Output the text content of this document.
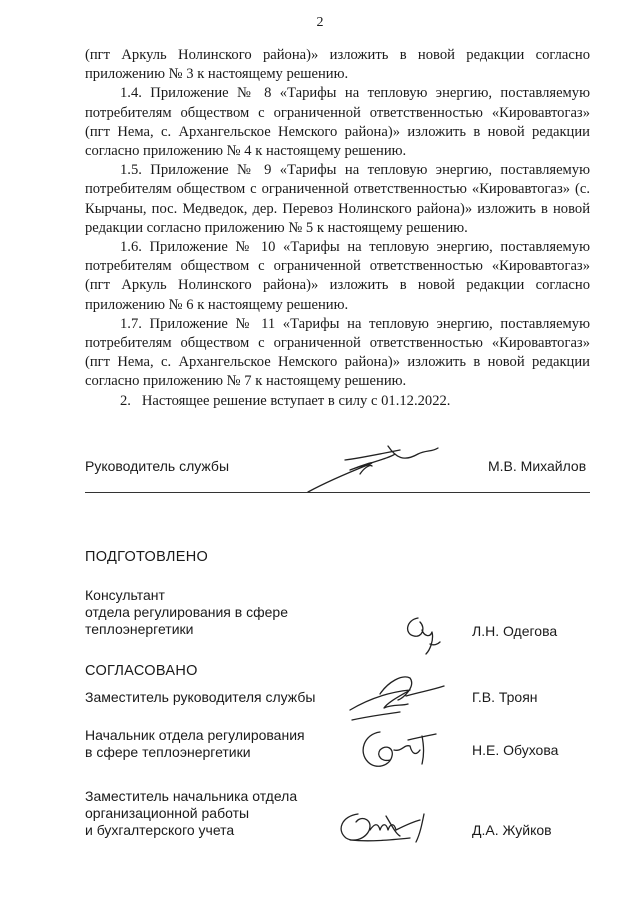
2

(пгт Аркуль Нолинского района)» изложить в новой редакции согласно приложению № 3 к настоящему решению.

1.4. Приложение № 8 «Тарифы на тепловую энергию, поставляемую потребителям обществом с ограниченной ответственностью «Кировавтогаз» (пгт Нема, с. Архангельское Немского района)» изложить в новой редакции согласно приложению № 4 к настоящему решению.

1.5. Приложение № 9 «Тарифы на тепловую энергию, поставляемую потребителям обществом с ограниченной ответственностью «Кировавтогаз» (с. Кырчаны, пос. Медведок, дер. Перевоз Нолинского района)» изложить в новой редакции согласно приложению № 5 к настоящему решению.

1.6. Приложение № 10 «Тарифы на тепловую энергию, поставляемую потребителям обществом с ограниченной ответственностью «Кировавтогаз» (пгт Аркуль Нолинского района)» изложить в новой редакции согласно приложению № 6 к настоящему решению.

1.7. Приложение № 11 «Тарифы на тепловую энергию, поставляемую потребителям обществом с ограниченной ответственностью «Кировавтогаз» (пгт Нема, с. Архангельское Немского района)» изложить в новой редакции согласно приложению № 7 к настоящему решению.

2.   Настоящее решение вступает в силу с 01.12.2022.

Руководитель службы	М.В. Михайлов
ПОДГОТОВЛЕНО
Консультант
отдела регулирования в сфере
теплоэнергетики	Л.Н. Одегова
СОГЛАСОВАНО
Заместитель руководителя службы	Г.В. Троян
Начальник отдела регулирования
в сфере теплоэнергетики	Н.Е. Обухова
Заместитель начальника отдела
организационной работы
и бухгалтерского учета	Д.А. Жуйков
